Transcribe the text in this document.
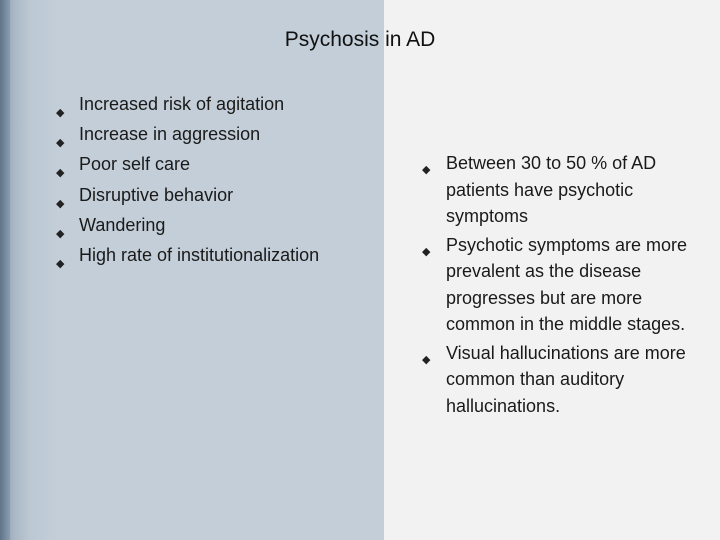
Psychosis in AD
◆ Increased risk of agitation
◆ Increase in aggression
◆ Poor self care
◆ Disruptive behavior
◆ Wandering
◆ High rate of institutionalization
◆ Between 30 to 50 % of AD patients have psychotic symptoms
◆ Psychotic symptoms are more prevalent as the disease progresses but are more common in the middle stages.
◆ Visual hallucinations are more common than auditory hallucinations.
